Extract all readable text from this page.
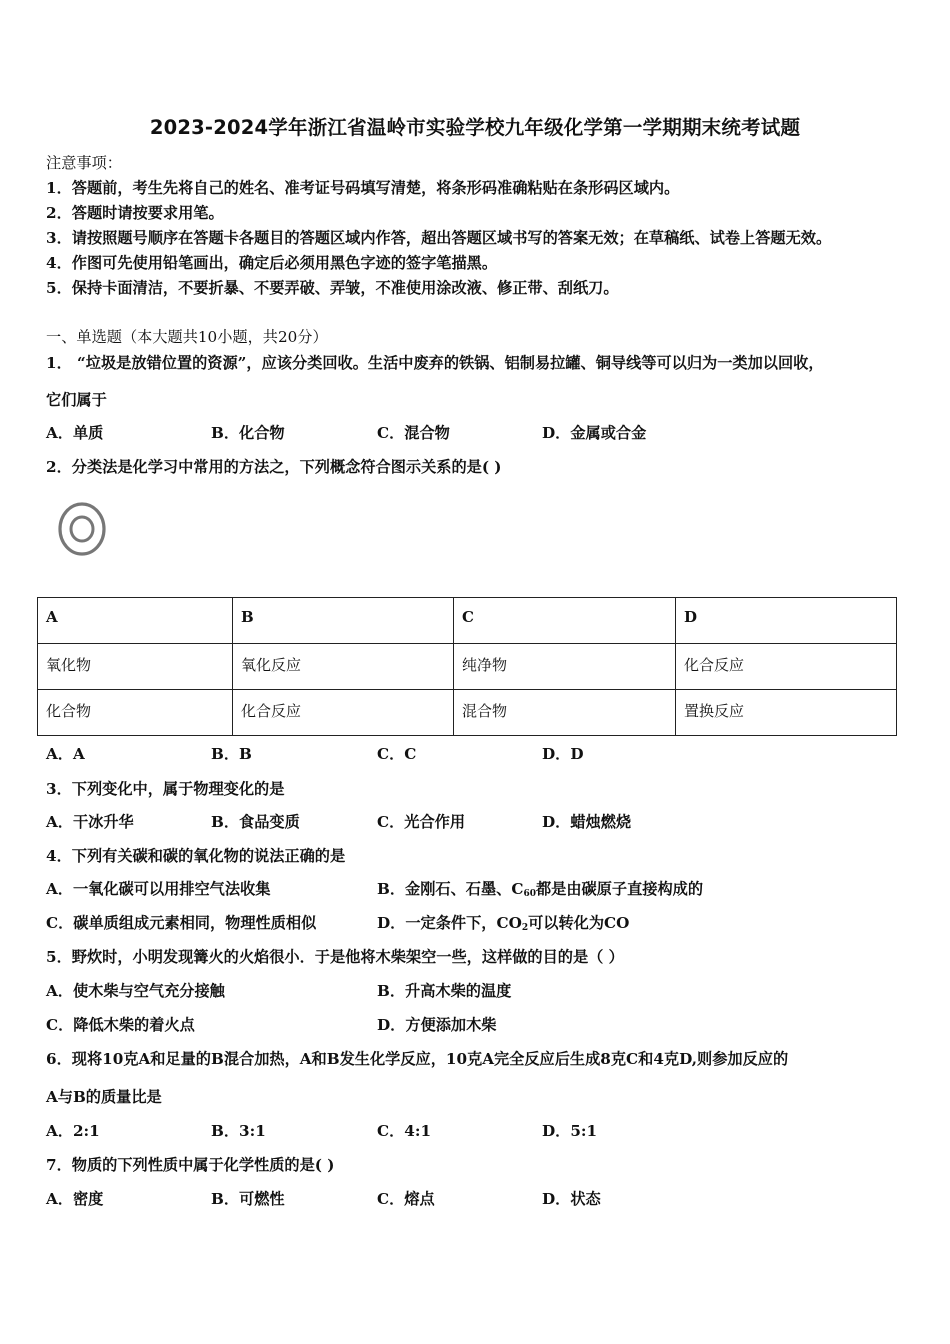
2023-2024学年浙江省温岭市实验学校九年级化学第一学期期末统考试题
注意事项：
1．答题前，考生先将自己的姓名、准考证号码填写清楚，将条形码准确粘贴在条形码区域内。
2．答题时请按要求用笔。
3．请按照题号顺序在答题卡各题目的答题区域内作答，超出答题区域书写的答案无效；在草稿纸、试卷上答题无效。
4．作图可先使用铅笔画出，确定后必须用黑色字迹的签字笔描黑。
5．保持卡面清洁，不要折暴、不要弄破、弄皱，不准使用涂改液、修正带、刮纸刀。
一、单选题（本大题共10小题，共20分）
1． “垃圾是放错位置的资源”，应该分类回收。生活中废弃的铁锅、铝制易拉罐、铜导线等可以归为一类加以回收，
它们属于
A．单质	B．化合物	C．混合物	D．金属或合金
2．分类法是化学习中常用的方法之，下列概念符合图示关系的是( )
A	B	C	D
氧化物	氧化反应	纯净物	化合反应
化合物	化合反应	混合物	置换反应
A．A	B．B	C．C	D．D
3．下列变化中，属于物理变化的是
A．干冰升华	B．食品变质	C．光合作用	D．蜡烛燃烧
4．下列有关碳和碳的氧化物的说法正确的是
A．一氧化碳可以用排空气法收集	B．金刚石、石墨、$C_{60}$都是由碳原子直接构成的
C．碳单质组成元素相同，物理性质相似	D．一定条件下，$CO_2$可以转化为CO
5．野炊时，小明发现篝火的火焰很小．于是他将木柴架空一些，这样做的目的是（ ）
A．使木柴与空气充分接触	B．升高木柴的温度
C．降低木柴的着火点	D．方便添加木柴
6．现将10克A和足量的B混合加热，A和B发生化学反应，10克A完全反应后生成8克C和4克D,则参加反应的
A与B的质量比是
A．2:1	B．3:1	C．4:1	D．5:1
7．物质的下列性质中属于化学性质的是( )
A．密度	B．可燃性	C．熔点	D．状态
